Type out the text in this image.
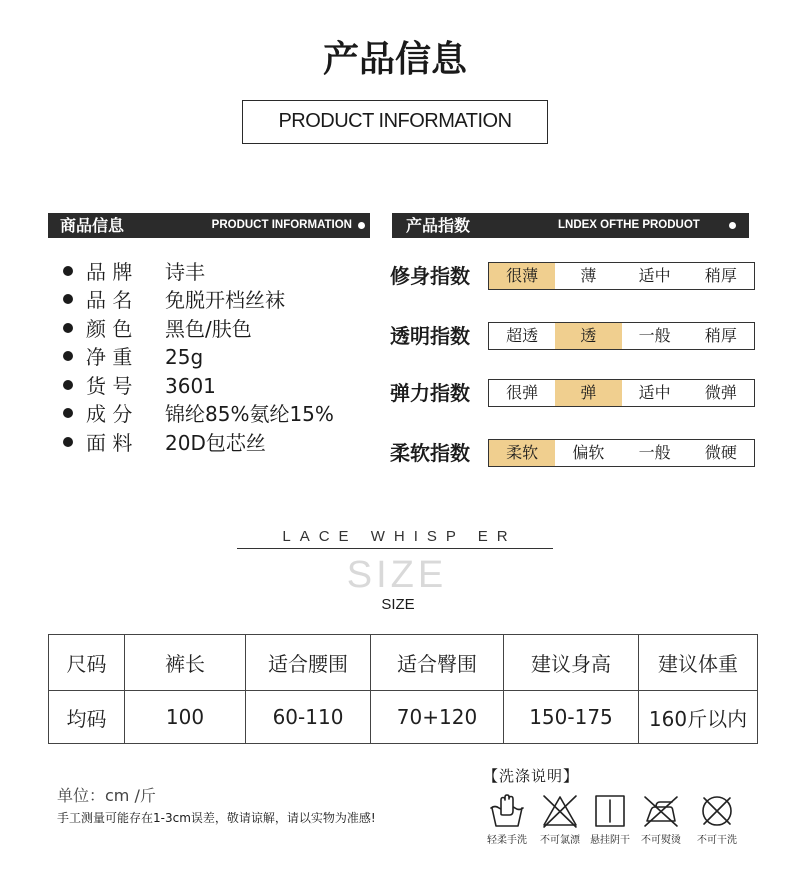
产品信息
PRODUCT INFORMATION
商品信息	PRODUCT INFORMATION	产品指数	LNDEX OFTHE PRODUOT
品 牌 诗丰
品 名 免脱开档丝袜
颜 色 黑色/肤色
净 重 25g
货 号 3601
成 分 锦纶85%氨纶15%
面 料 20D包芯丝
修身指数	很薄	薄	适中	稍厚
透明指数	超透	透	一般	稍厚
弹力指数	很弹	弹	适中	微弹
柔软指数	柔软	偏软	一般	微硬
LACE WHISP ER
SIZE
SIZE
尺码	裤长	适合腰围	适合臀围	建议身高	建议体重
均码	100	60-110	70+120	150-175	160斤以内
单位：cm /斤
手工测量可能存在1-3cm误差，敬请谅解，请以实物为准感!
【洗涤说明】
轻柔手洗	不可氯漂	悬挂阴干	不可熨烫	不可干洗
